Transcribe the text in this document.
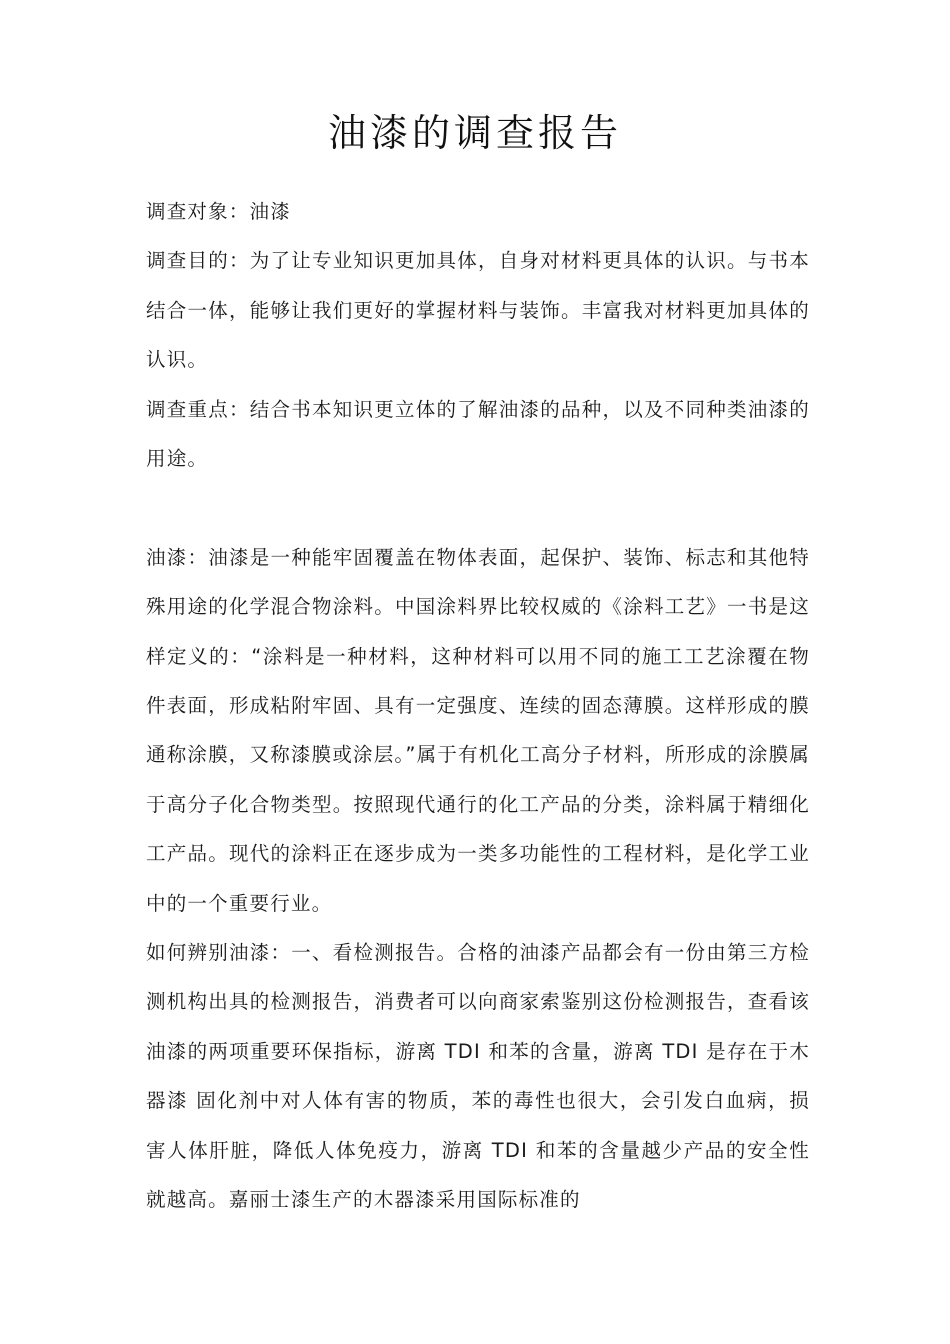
油漆的调查报告

调查对象：油漆

调查目的：为了让专业知识更加具体，自身对材料更具体的认识。与书本结合一体，能够让我们更好的掌握材料与装饰。丰富我对材料更加具体的认识。

调查重点：结合书本知识更立体的了解油漆的品种，以及不同种类油漆的用途。

油漆：油漆是一种能牢固覆盖在物体表面，起保护、装饰、标志和其他特殊用途的化学混合物涂料。中国涂料界比较权威的《涂料工艺》一书是这样定义的：“涂料是一种材料，这种材料可以用不同的施工工艺涂覆在物件表面，形成粘附牢固、具有一定强度、连续的固态薄膜。这样形成的膜通称涂膜，又称漆膜或涂层。”属于有机化工高分子材料，所形成的涂膜属于高分子化合物类型。按照现代通行的化工产品的分类，涂料属于精细化工产品。现代的涂料正在逐步成为一类多功能性的工程材料，是化学工业中的一个重要行业。

如何辨别油漆：一、看检测报告。合格的油漆产品都会有一份由第三方检测机构出具的检测报告，消费者可以向商家索鉴别这份检测报告，查看该油漆的两项重要环保指标，游离 TDI 和苯的含量，游离 TDI 是存在于木器漆 固化剂中对人体有害的物质，苯的毒性也很大，会引发白血病，损害人体肝脏，降低人体免疫力，游离 TDI 和苯的含量越少产品的安全性就越高。嘉丽士漆生产的木器漆采用国际标准的
